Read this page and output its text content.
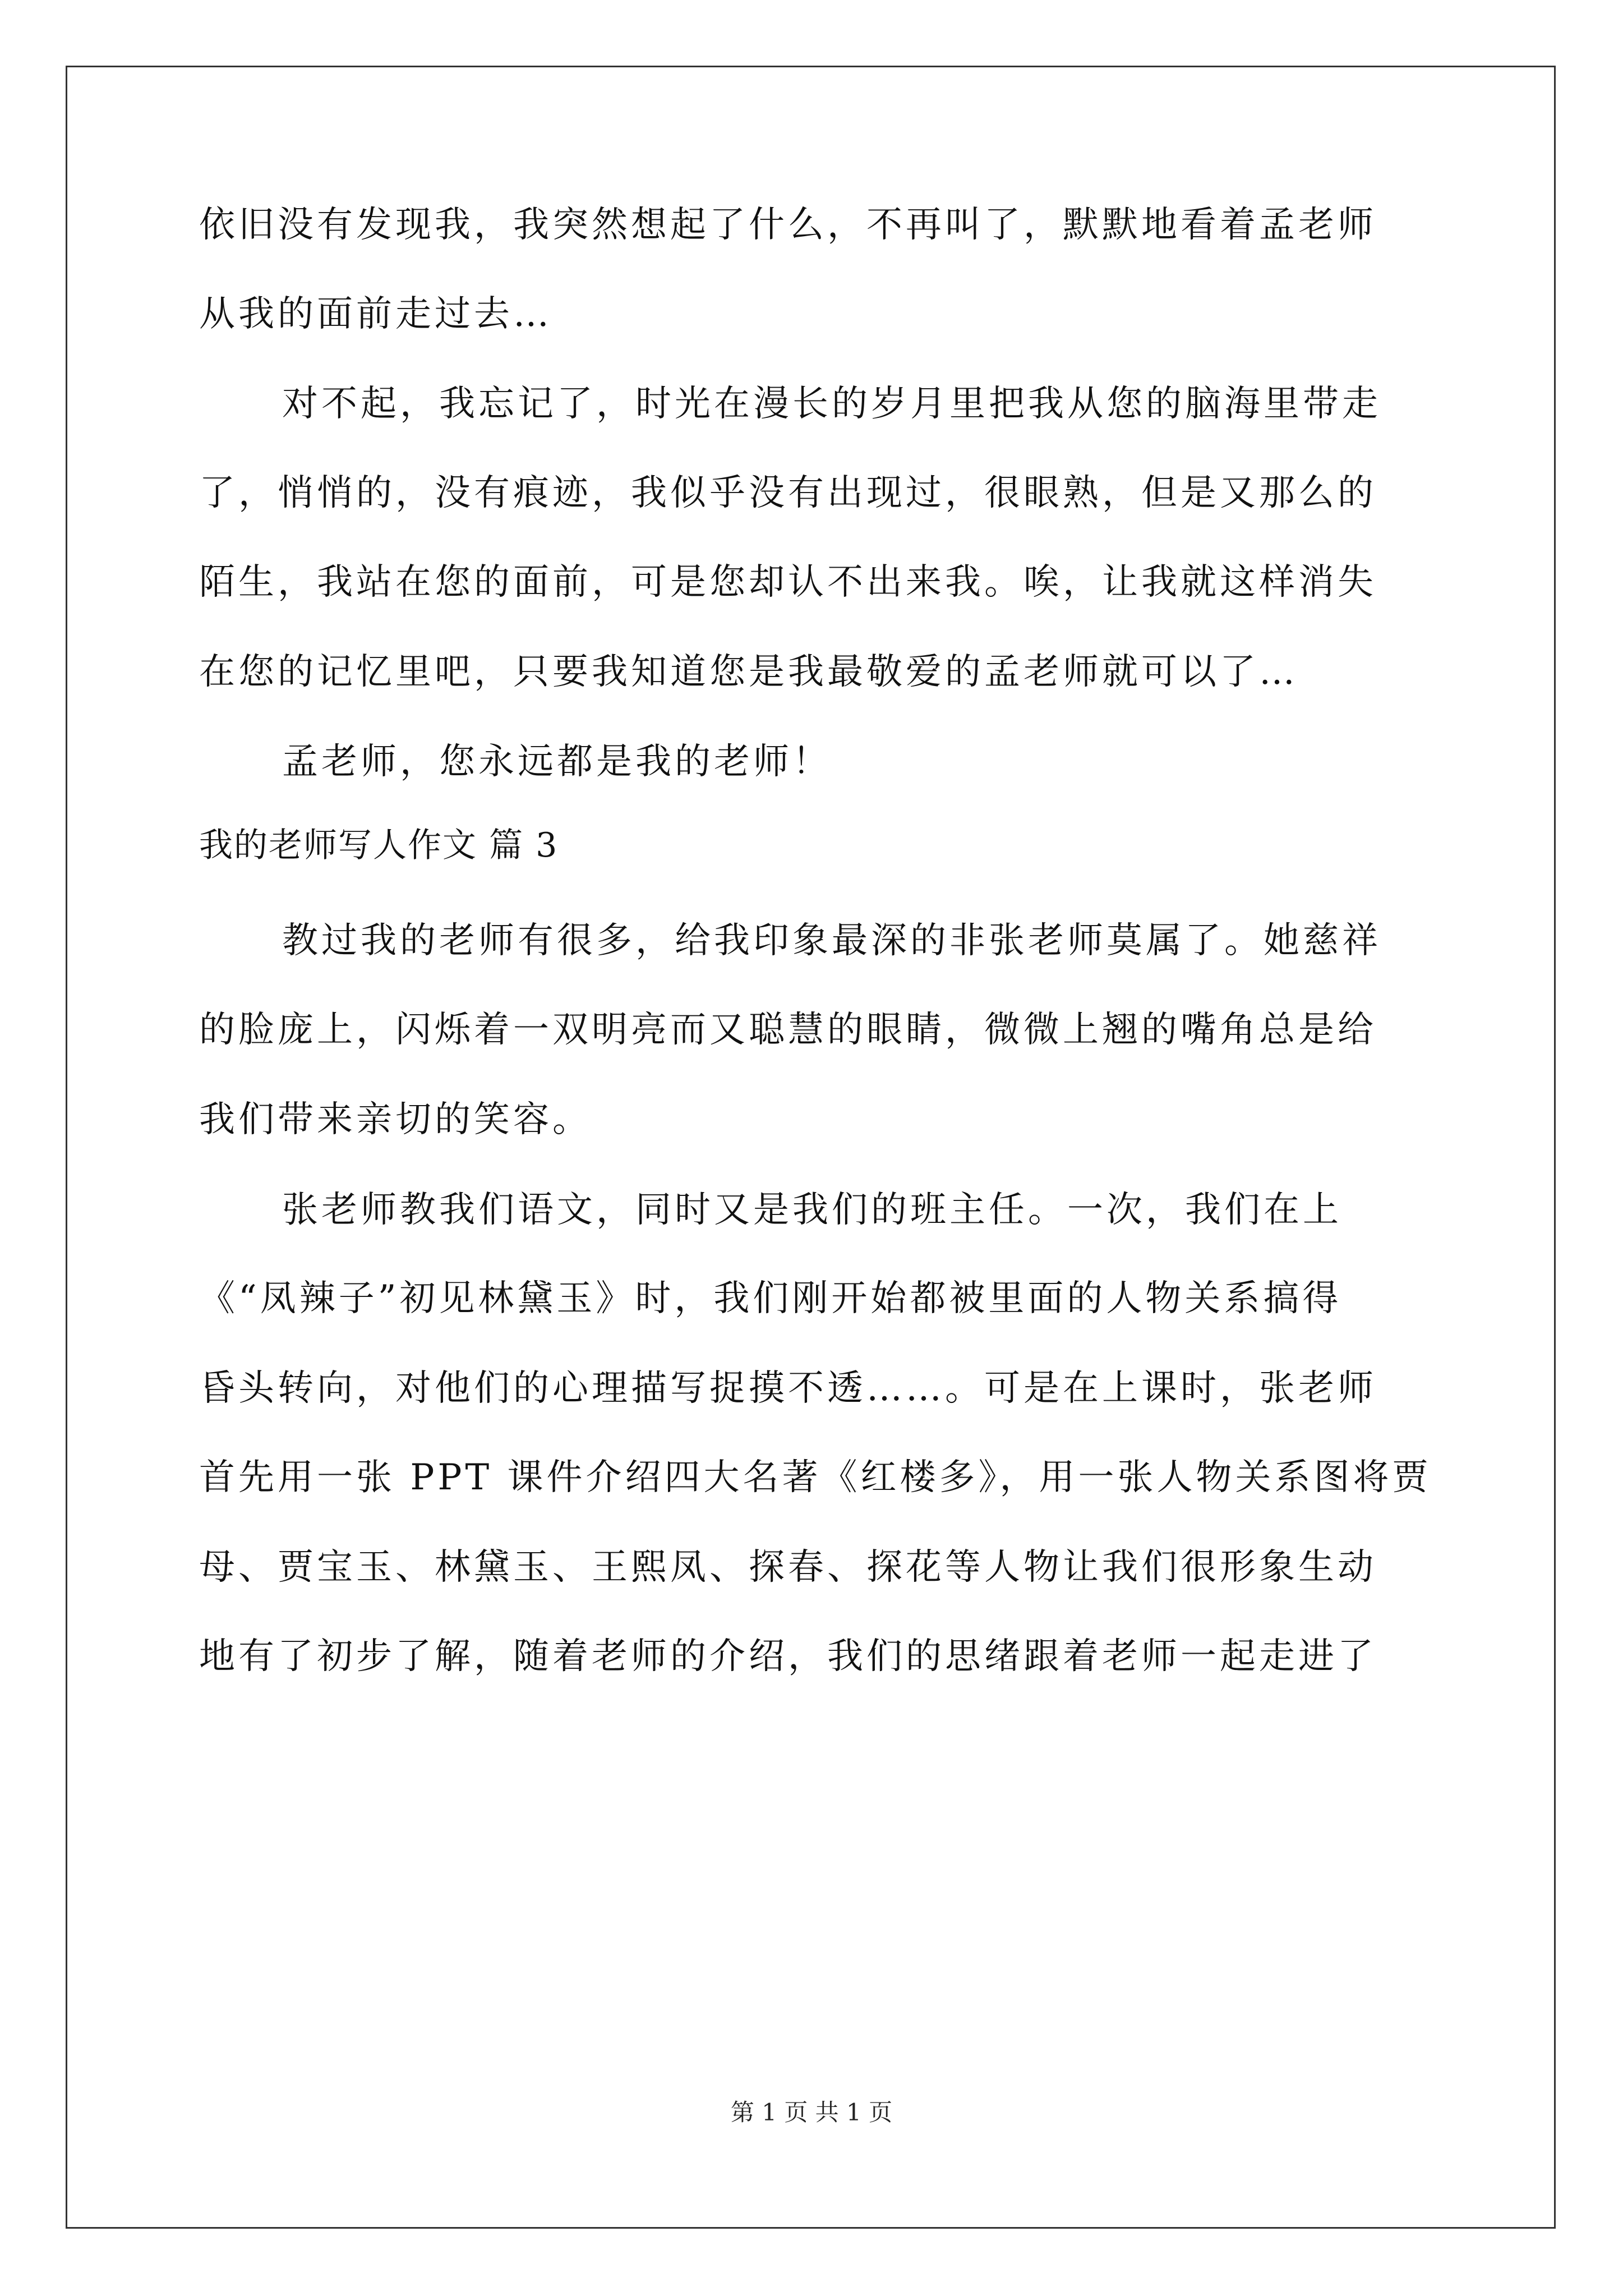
依旧没有发现我，我突然想起了什么，不再叫了，默默地看着孟老师
从我的面前走过去…
对不起，我忘记了，时光在漫长的岁月里把我从您的脑海里带走
了，悄悄的，没有痕迹，我似乎没有出现过，很眼熟，但是又那么的
陌生，我站在您的面前，可是您却认不出来我。唉，让我就这样消失
在您的记忆里吧，只要我知道您是我最敬爱的孟老师就可以了…
孟老师，您永远都是我的老师！
我的老师写人作文 篇 3
教过我的老师有很多，给我印象最深的非张老师莫属了。她慈祥
的脸庞上，闪烁着一双明亮而又聪慧的眼睛，微微上翘的嘴角总是给
我们带来亲切的笑容。
张老师教我们语文，同时又是我们的班主任。一次，我们在上
《“凤辣子”初见林黛玉》时，我们刚开始都被里面的人物关系搞得
昏头转向，对他们的心理描写捉摸不透……。可是在上课时，张老师
首先用一张 PPT 课件介绍四大名著《红楼多》，用一张人物关系图将贾
母、贾宝玉、林黛玉、王熙凤、探春、探花等人物让我们很形象生动
地有了初步了解，随着老师的介绍，我们的思绪跟着老师一起走进了
第 1 页 共 1 页
